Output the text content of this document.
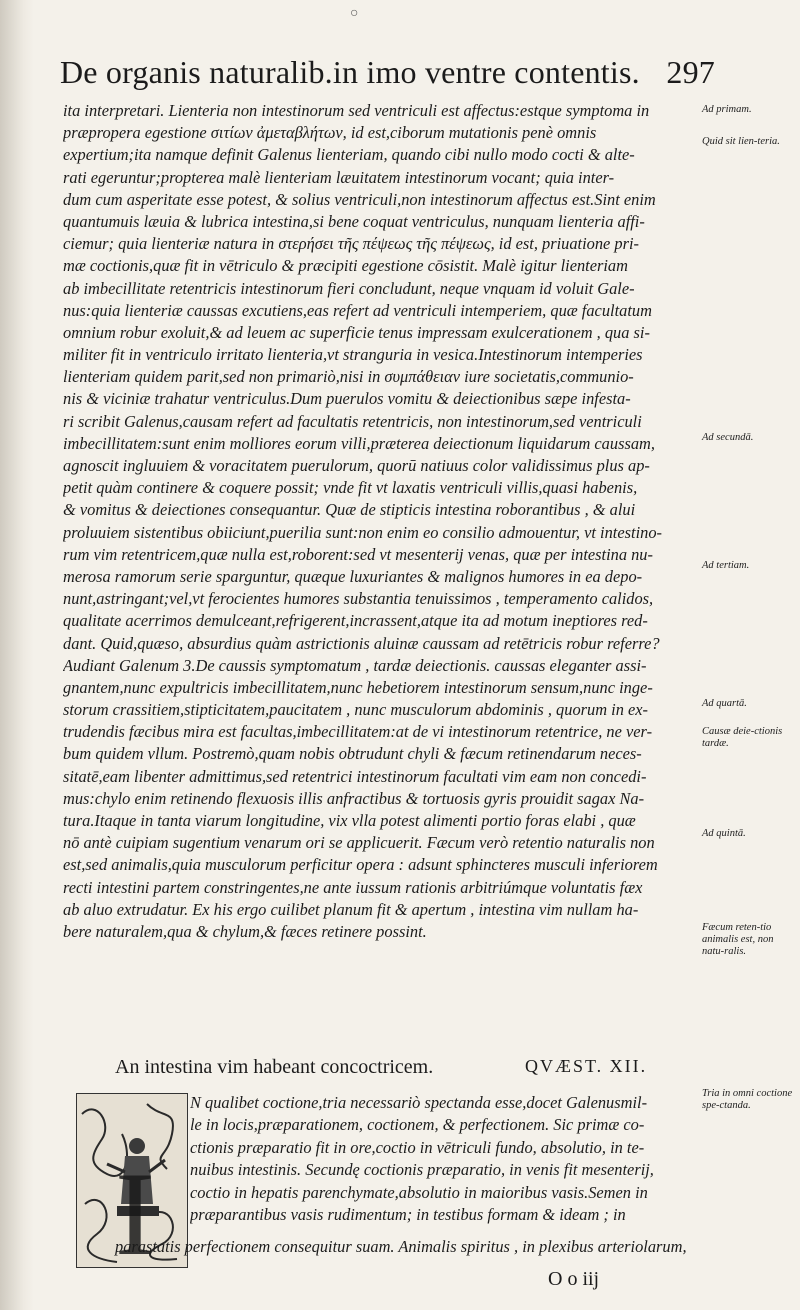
○
De organis naturalib.in imo ventre contentis. 297
ita interpretari. Lienteria non intestinorum sed ventriculi est affectus:estque symptoma in
præpropera egestione σιτίων ἀμεταβλήτων, id est,ciborum mutationis penè omnis
expertium;ita namque definit Galenus lienteriam, quando cibi nullo modo cocti & alte-
rati egeruntur;propterea malè lienteriam læuitatem intestinorum vocant; quia inter-
dum cum asperitate esse potest, & solius ventriculi,non intestinorum affectus est.Sint enim
quantumuis læuia & lubrica intestina,si bene coquat ventriculus, nunquam lienteria affi-
ciemur; quia lienteriæ natura in στερήσει τῆς πέψεως τῆς πέψεως, id est, priuatione pri-
mæ coctionis,quæ fit in vētriculo & præcipiti egestione cōsistit. Malè igitur lienteriam
ab imbecillitate retentricis intestinorum fieri concludunt, neque vnquam id voluit Gale-
nus:quia lienteriæ caussas excutiens,eas refert ad ventriculi intemperiem, quæ facultatum
omnium robur exoluit,& ad leuem ac superficie tenus impressam exulcerationem , qua si-
militer fit in ventriculo irritato lienteria,vt stranguria in vesica.Intestinorum intemperies
lienteriam quidem parit,sed non primariò,nisi in συμπάθειαν iure societatis,communio-
nis & viciniæ trahatur ventriculus.Dum puerulos vomitu & deiectionibus sæpe infesta-
ri scribit Galenus,causam refert ad facultatis retentricis, non intestinorum,sed ventriculi
imbecillitatem:sunt enim molliores eorum villi,præterea deiectionum liquidarum caussam,
agnoscit ingluuiem & voracitatem puerulorum, quorū natiuus color validissimus plus ap-
petit quàm continere & coquere possit; vnde fit vt laxatis ventriculi villis,quasi habenis,
& vomitus & deiectiones consequantur. Quæ de stipticis intestina roborantibus , & alui
proluuiem sistentibus obiiciunt,puerilia sunt:non enim eo consilio admouentur, vt intestino-
rum vim retentricem,quæ nulla est,roborent:sed vt mesenterij venas, quæ per intestina nu-
merosa ramorum serie sparguntur, quæque luxuriantes & malignos humores in ea depo-
nunt,astringant;vel,vt ferocientes humores substantia tenuissimos , temperamento calidos,
qualitate acerrimos demulceant,refrigerent,incrassent,atque ita ad motum ineptiores red-
dant. Quid,quæso, absurdius quàm astrictionis aluinæ caussam ad retētricis robur referre?
Audiant Galenum 3.De caussis symptomatum , tardæ deiectionis. caussas eleganter assi-
gnantem,nunc expultricis imbecillitatem,nunc hebetiorem intestinorum sensum,nunc inge-
storum crassitiem,stipticitatem,paucitatem , nunc musculorum abdominis , quorum in ex-
trudendis fæcibus mira est facultas,imbecillitatem:at de vi intestinorum retentrice, ne ver-
bum quidem vllum. Postremò,quam nobis obtrudunt chyli & fæcum retinendarum neces-
sitatē,eam libenter admittimus,sed retentrici intestinorum facultati vim eam non concedi-
mus:chylo enim retinendo flexuosis illis anfractibus & tortuosis gyris prouidit sagax Na-
tura.Itaque in tanta viarum longitudine, vix vlla potest alimenti portio foras elabi , quæ
nō antè cuipiam sugentium venarum ori se applicuerit. Fæcum verò retentio naturalis non
est,sed animalis,quia musculorum perficitur opera : adsunt sphincteres musculi inferiorem
recti intestini partem constringentes,ne ante iussum rationis arbitriúmque voluntatis fæx
ab aluo extrudatur. Ex his ergo cuilibet planum fit & apertum , intestina vim nullam ha-
bere naturalem,qua & chylum,& fæces retinere possint.
Ad primam.
Quid sit lien-teria.
Ad secundā.
Ad tertiam.
Ad quartā.
Causæ deie-ctionis tardæ.
Ad quintā.
Fæcum reten-tio animalis est, non natu-ralis.
Tria in omni coctione spe-ctanda.
An intestina vim habeant concoctricem.	QVÆST. XII.
I
N qualibet coctione,tria necessariò spectanda esse,docet Galenusmil-
le in locis,præparationem, coctionem, & perfectionem. Sic primæ co-
ctionis præparatio fit in ore,coctio in vētriculi fundo, absolutio, in te-
nuibus intestinis. Secundę coctionis præparatio, in venis fit mesenterij,
coctio in hepatis parenchymate,absolutio in maioribus vasis.Semen in
præparantibus vasis rudimentum; in testibus formam & ideam ; in
parastatis perfectionem consequitur suam. Animalis spiritus , in plexibus arteriolarum,
O o iij
